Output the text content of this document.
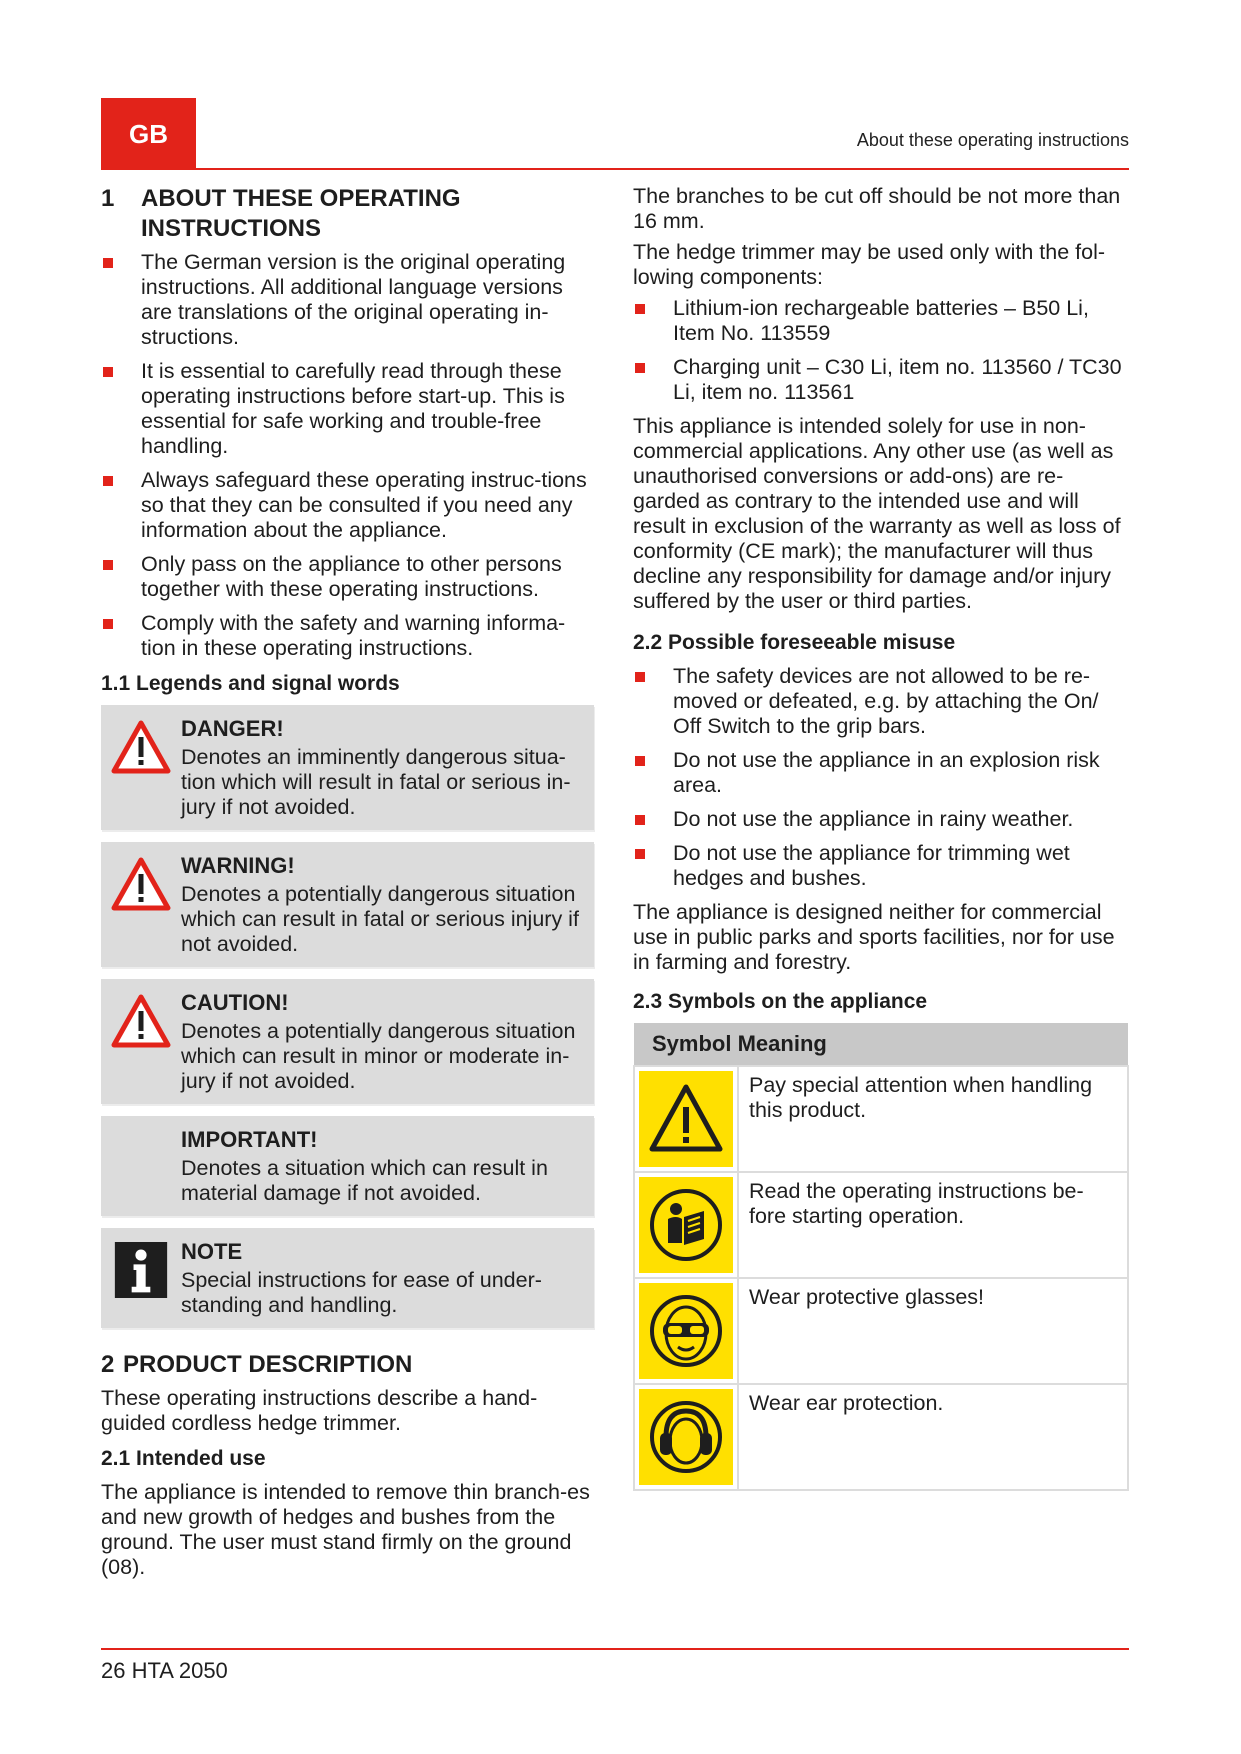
GB	About these operating instructions
1 ABOUT THESE OPERATING
INSTRUCTIONS
The German version is the original operating instructions. All additional language versions are translations of the original operating in-structions.
It is essential to carefully read through these operating instructions before start-up. This is essential for safe working and trouble-free handling.
Always safeguard these operating instruc-tions so that they can be consulted if you need any information about the appliance.
Only pass on the appliance to other persons together with these operating instructions.
Comply with the safety and warning informa-tion in these operating instructions.
1.1 Legends and signal words

DANGER!

Denotes an imminently dangerous situa-tion which will result in fatal or serious in-jury if not avoided.

WARNING!

Denotes a potentially dangerous situation which can result in fatal or serious injury if not avoided.

CAUTION!

Denotes a potentially dangerous situation which can result in minor or moderate in-jury if not avoided.

IMPORTANT!

Denotes a situation which can result in material damage if not avoided.

NOTE

Special instructions for ease of under-standing and handling.

2 PRODUCT DESCRIPTION

These operating instructions describe a hand-guided cordless hedge trimmer.

2.1 Intended use

The appliance is intended to remove thin branch-es and new growth of hedges and bushes from the ground. The user must stand firmly on the ground (08).

The branches to be cut off should be not more than 16 mm.

The hedge trimmer may be used only with the fol-lowing components:

Lithium-ion rechargeable batteries – B50 Li, Item No. 113559
Charging unit – C30 Li, item no. 113560 / TC30 Li, item no. 113561

This appliance is intended solely for use in non-commercial applications. Any other use (as well as unauthorised conversions or add-ons) are re-garded as contrary to the intended use and will result in exclusion of the warranty as well as loss of conformity (CE mark); the manufacturer will thus decline any responsibility for damage and/or injury suffered by the user or third parties.

2.2 Possible foreseeable misuse
The safety devices are not allowed to be re-moved or defeated, e.g. by attaching the On/ Off Switch to the grip bars.
Do not use the appliance in an explosion risk area.
Do not use the appliance in rainy weather.
Do not use the appliance for trimming wet hedges and bushes.

The appliance is designed neither for commercial use in public parks and sports facilities, nor for use in farming and forestry.

2.3 Symbols on the appliance
Symbol Meaning	

	Pay special attention when handling this product.

	Read the operating instructions be-fore starting operation.

	Wear protective glasses!

	Wear ear protection.
26 HTA 2050
